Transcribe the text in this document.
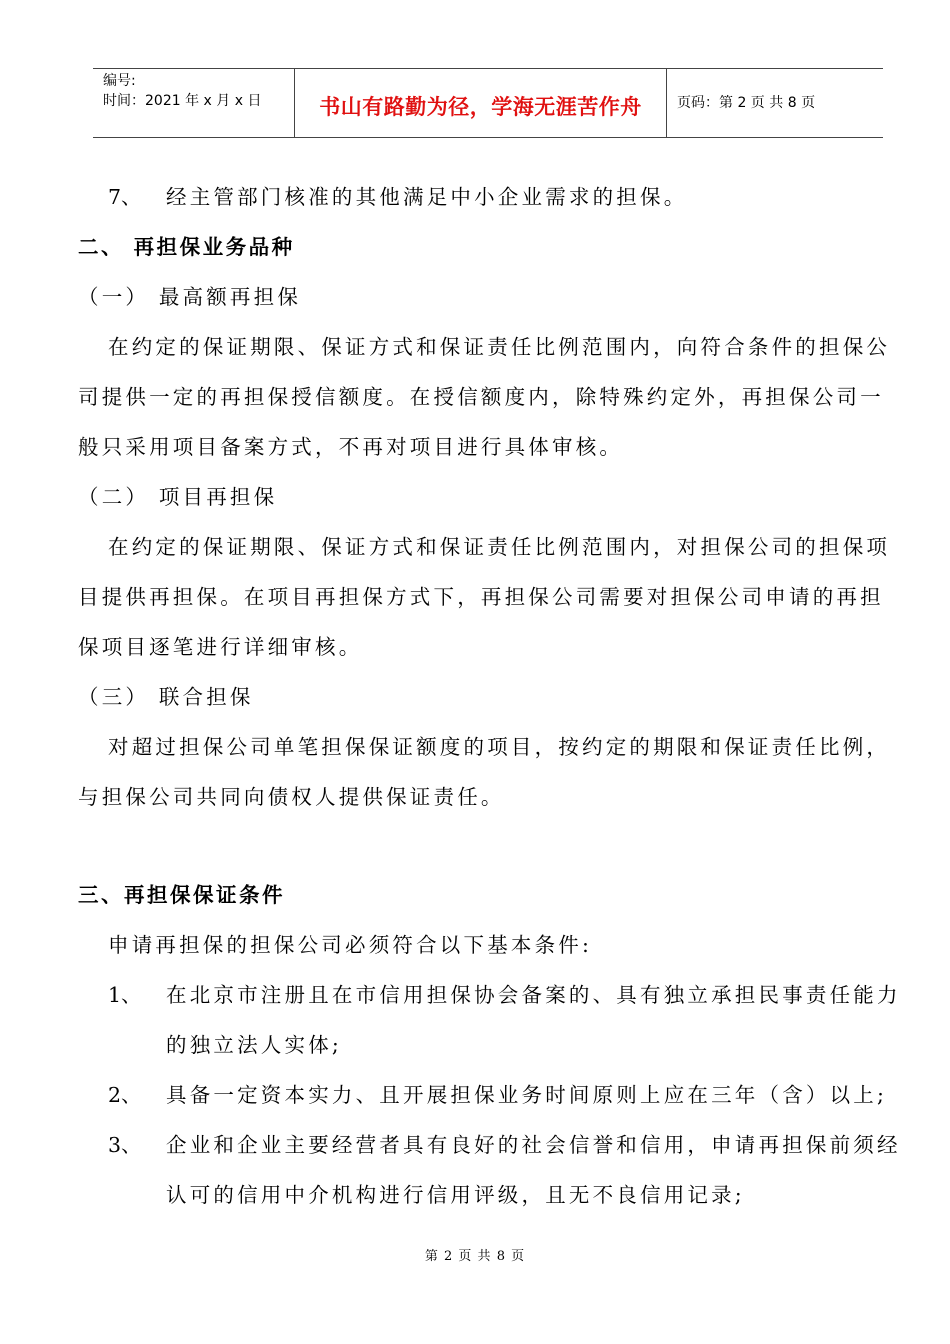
编号:
时间：2021 年 x 月 x 日	书山有路勤为径，学海无涯苦作舟	页码：第 2 页 共 8 页
7、 经主管部门核准的其他满足中小企业需求的担保。
二、 再担保业务品种
（一） 最高额再担保
在约定的保证期限、保证方式和保证责任比例范围内，向符合条件的担保公
司提供一定的再担保授信额度。在授信额度内，除特殊约定外，再担保公司一
般只采用项目备案方式，不再对项目进行具体审核。
（二） 项目再担保
在约定的保证期限、保证方式和保证责任比例范围内，对担保公司的担保项
目提供再担保。在项目再担保方式下，再担保公司需要对担保公司申请的再担
保项目逐笔进行详细审核。
（三） 联合担保
对超过担保公司单笔担保保证额度的项目，按约定的期限和保证责任比例，
与担保公司共同向债权人提供保证责任。
三、再担保保证条件
申请再担保的担保公司必须符合以下基本条件:
1、 在北京市注册且在市信用担保协会备案的、具有独立承担民事责任能力
的独立法人实体;
2、 具备一定资本实力、且开展担保业务时间原则上应在三年（含）以上;
3、 企业和企业主要经营者具有良好的社会信誉和信用，申请再担保前须经
认可的信用中介机构进行信用评级，且无不良信用记录;
第 2 页 共 8 页
